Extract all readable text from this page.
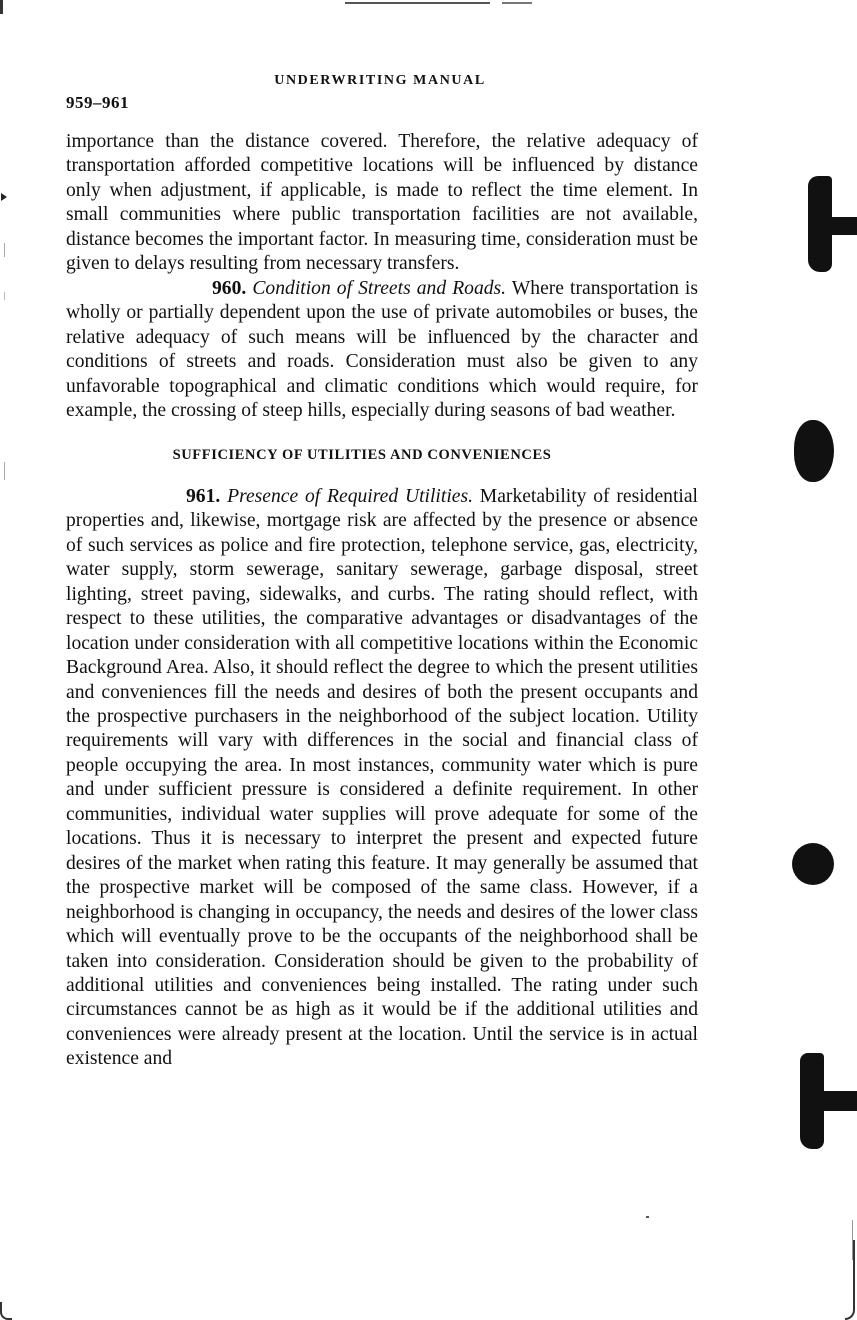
UNDERWRITING MANUAL
959–961

importance than the distance covered. Therefore, the relative adequacy of transportation afforded competitive locations will be influenced by distance only when adjustment, if applicable, is made to reflect the time element. In small communities where public transportation facilities are not available, distance becomes the important factor. In measuring time, consideration must be given to delays resulting from necessary transfers.

960. Condition of Streets and Roads. Where transportation is wholly or partially dependent upon the use of private automobiles or buses, the relative adequacy of such means will be influenced by the character and conditions of streets and roads. Consideration must also be given to any unfavorable topographical and climatic conditions which would require, for example, the crossing of steep hills, especially during seasons of bad weather.

SUFFICIENCY OF UTILITIES AND CONVENIENCES

961. Presence of Required Utilities. Marketability of residential properties and, likewise, mortgage risk are affected by the presence or absence of such services as police and fire protection, telephone service, gas, electricity, water supply, storm sewerage, sanitary sewerage, garbage disposal, street lighting, street paving, sidewalks, and curbs. The rating should reflect, with respect to these utilities, the comparative advantages or disadvantages of the location under consideration with all competitive locations within the Economic Background Area. Also, it should reflect the degree to which the present utilities and conveniences fill the needs and desires of both the present occupants and the prospective purchasers in the neighborhood of the subject location. Utility requirements will vary with differences in the social and financial class of people occupying the area. In most instances, community water which is pure and under sufficient pressure is considered a definite requirement. In other communities, individual water supplies will prove adequate for some of the locations. Thus it is necessary to interpret the present and expected future desires of the market when rating this feature. It may generally be assumed that the prospective market will be composed of the same class. However, if a neighborhood is changing in occupancy, the needs and desires of the lower class which will eventually prove to be the occupants of the neighborhood shall be taken into consideration. Consideration should be given to the probability of additional utilities and conveniences being installed. The rating under such circumstances cannot be as high as it would be if the additional utilities and conveniences were already present at the location. Until the service is in actual existence and
